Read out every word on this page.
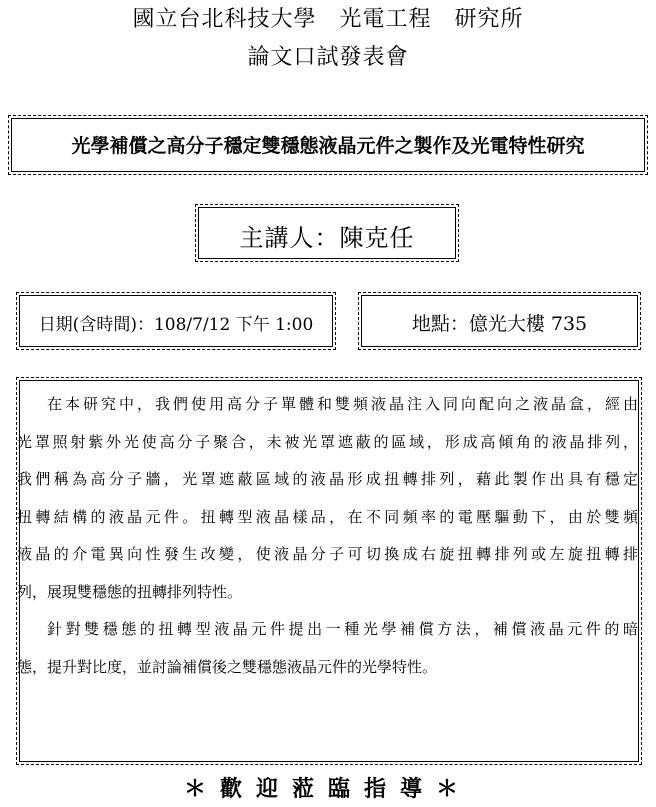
國立台北科技大學　光電工程　研究所
論文口試發表會
光學補償之高分子穩定雙穩態液晶元件之製作及光電特性研究
主講人：陳克任
日期(含時間)：108/7/12 下午 1:00	地點：億光大樓 735
在本研究中，我們使用高分子單體和雙頻液晶注入同向配向之液晶盒，經由
光罩照射紫外光使高分子聚合，未被光罩遮蔽的區域，形成高傾角的液晶排列，
我們稱為高分子牆，光罩遮蔽區域的液晶形成扭轉排列，藉此製作出具有穩定
扭轉結構的液晶元件。扭轉型液晶樣品，在不同頻率的電壓驅動下，由於雙頻
液晶的介電異向性發生改變，使液晶分子可切換成右旋扭轉排列或左旋扭轉排
列，展現雙穩態的扭轉排列特性。
針對雙穩態的扭轉型液晶元件提出一種光學補償方法，補償液晶元件的暗
態，提升對比度，並討論補償後之雙穩態液晶元件的光學特性。
＊歡迎蒞臨指導＊
